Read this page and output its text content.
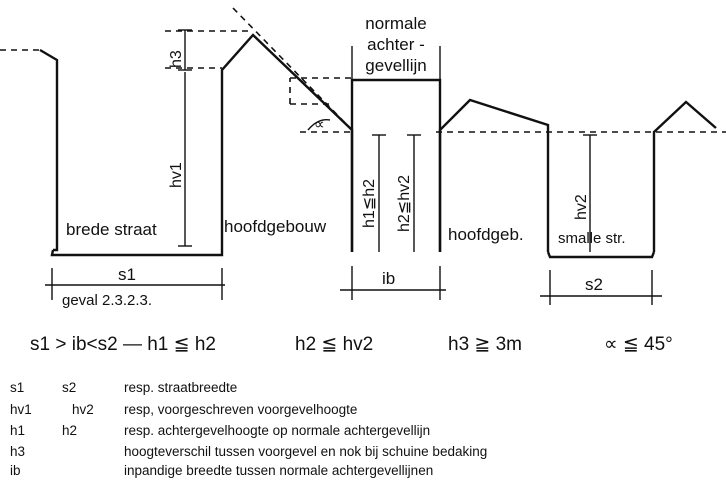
normale
achter -
gevellijn
brede straat	hoofdgebouw	hoofdgeb. smalle str.
h3
hv1
h1≦h2 h2≦hv2	hv2
s1	ib	s2
∝
geval 2.3.2.3.
s1 > ib<s2 — h1 ≦ h2	h2 ≦ hv2	h3 ≧ 3m	∝ ≦ 45°
s1	s2	resp. straatbreedte
hv1	hv2 resp, voorgeschreven voorgevelhoogte
h1	h2	resp. achtergevelhoogte op normale achtergevellijn
h3	hoogteverschil tussen voorgevel en nok bij schuine bedaking
ib	inpandige breedte tussen normale achtergevellijnen
